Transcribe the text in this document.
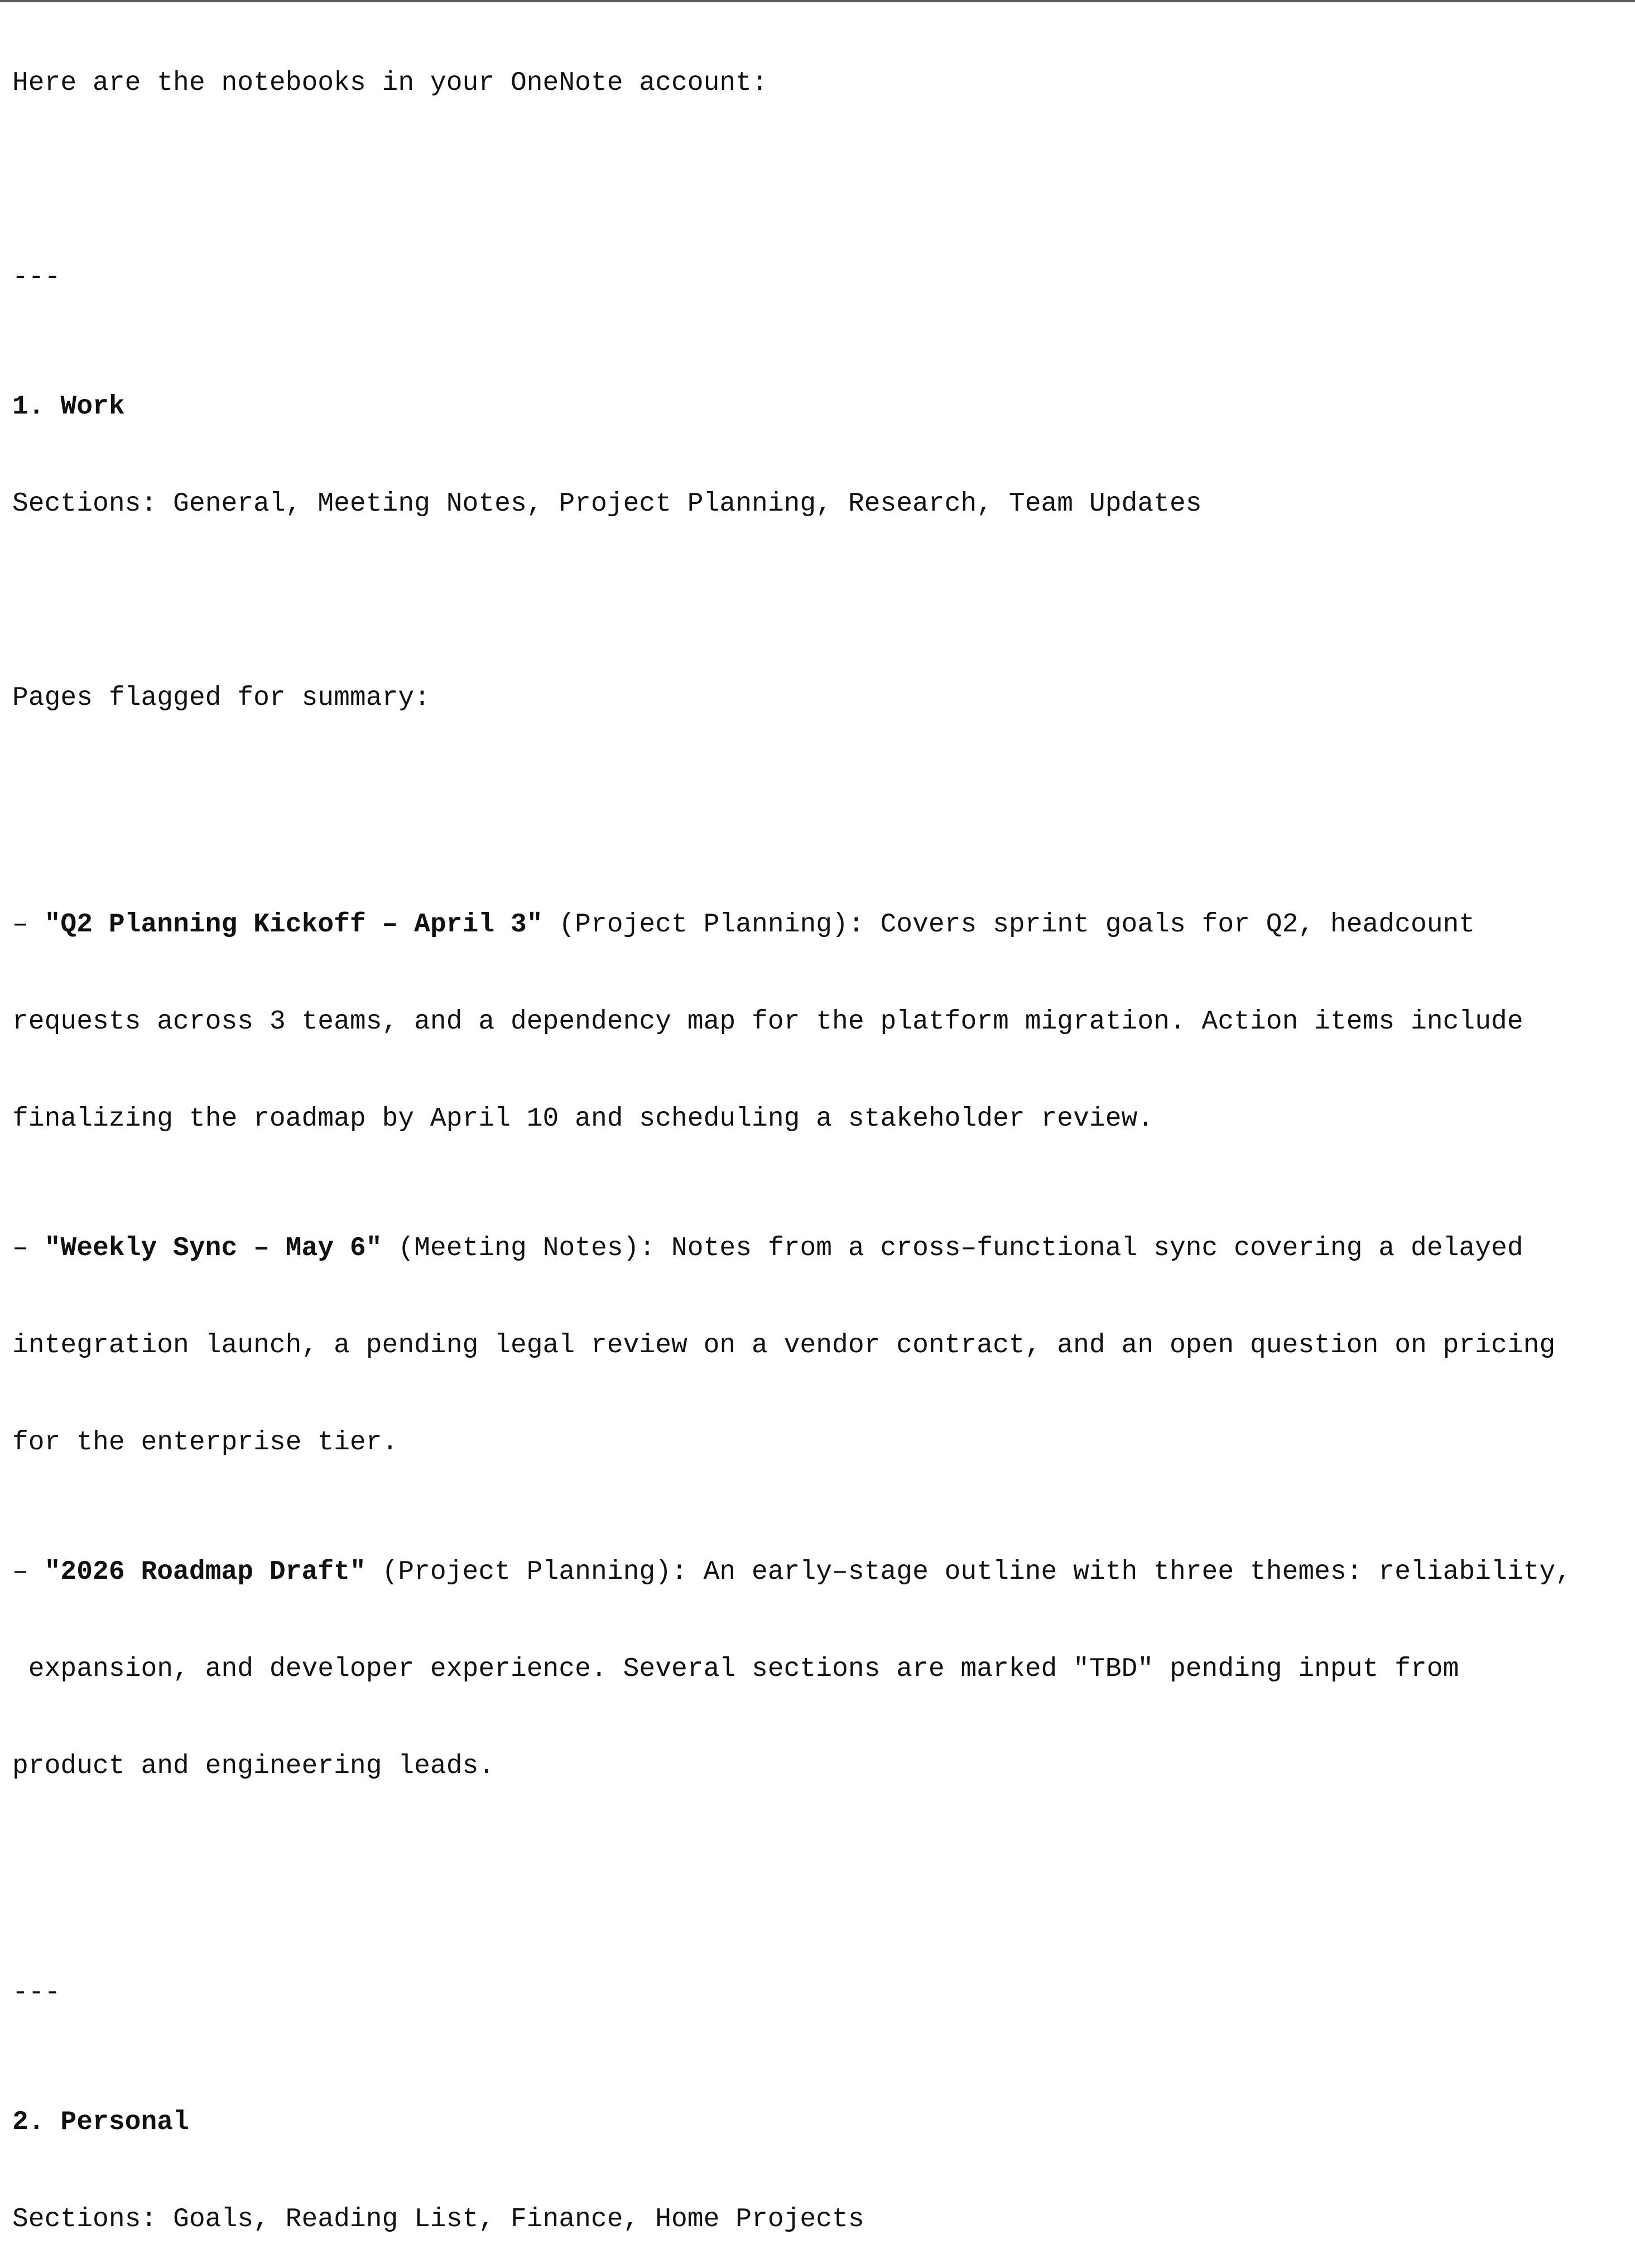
Here are the notebooks in your OneNote account:

---

1. Work

Sections: General, Meeting Notes, Project Planning, Research, Team Updates

Pages flagged for summary:

– "Q2 Planning Kickoff – April 3" (Project Planning): Covers sprint goals for Q2, headcount

requests across 3 teams, and a dependency map for the platform migration. Action items include

finalizing the roadmap by April 10 and scheduling a stakeholder review.

– "Weekly Sync – May 6" (Meeting Notes): Notes from a cross–functional sync covering a delayed

integration launch, a pending legal review on a vendor contract, and an open question on pricing

for the enterprise tier.

– "2026 Roadmap Draft" (Project Planning): An early–stage outline with three themes: reliability,

expansion, and developer experience. Several sections are marked "TBD" pending input from

product and engineering leads.

---

2. Personal

Sections: Goals, Reading List, Finance, Home Projects
